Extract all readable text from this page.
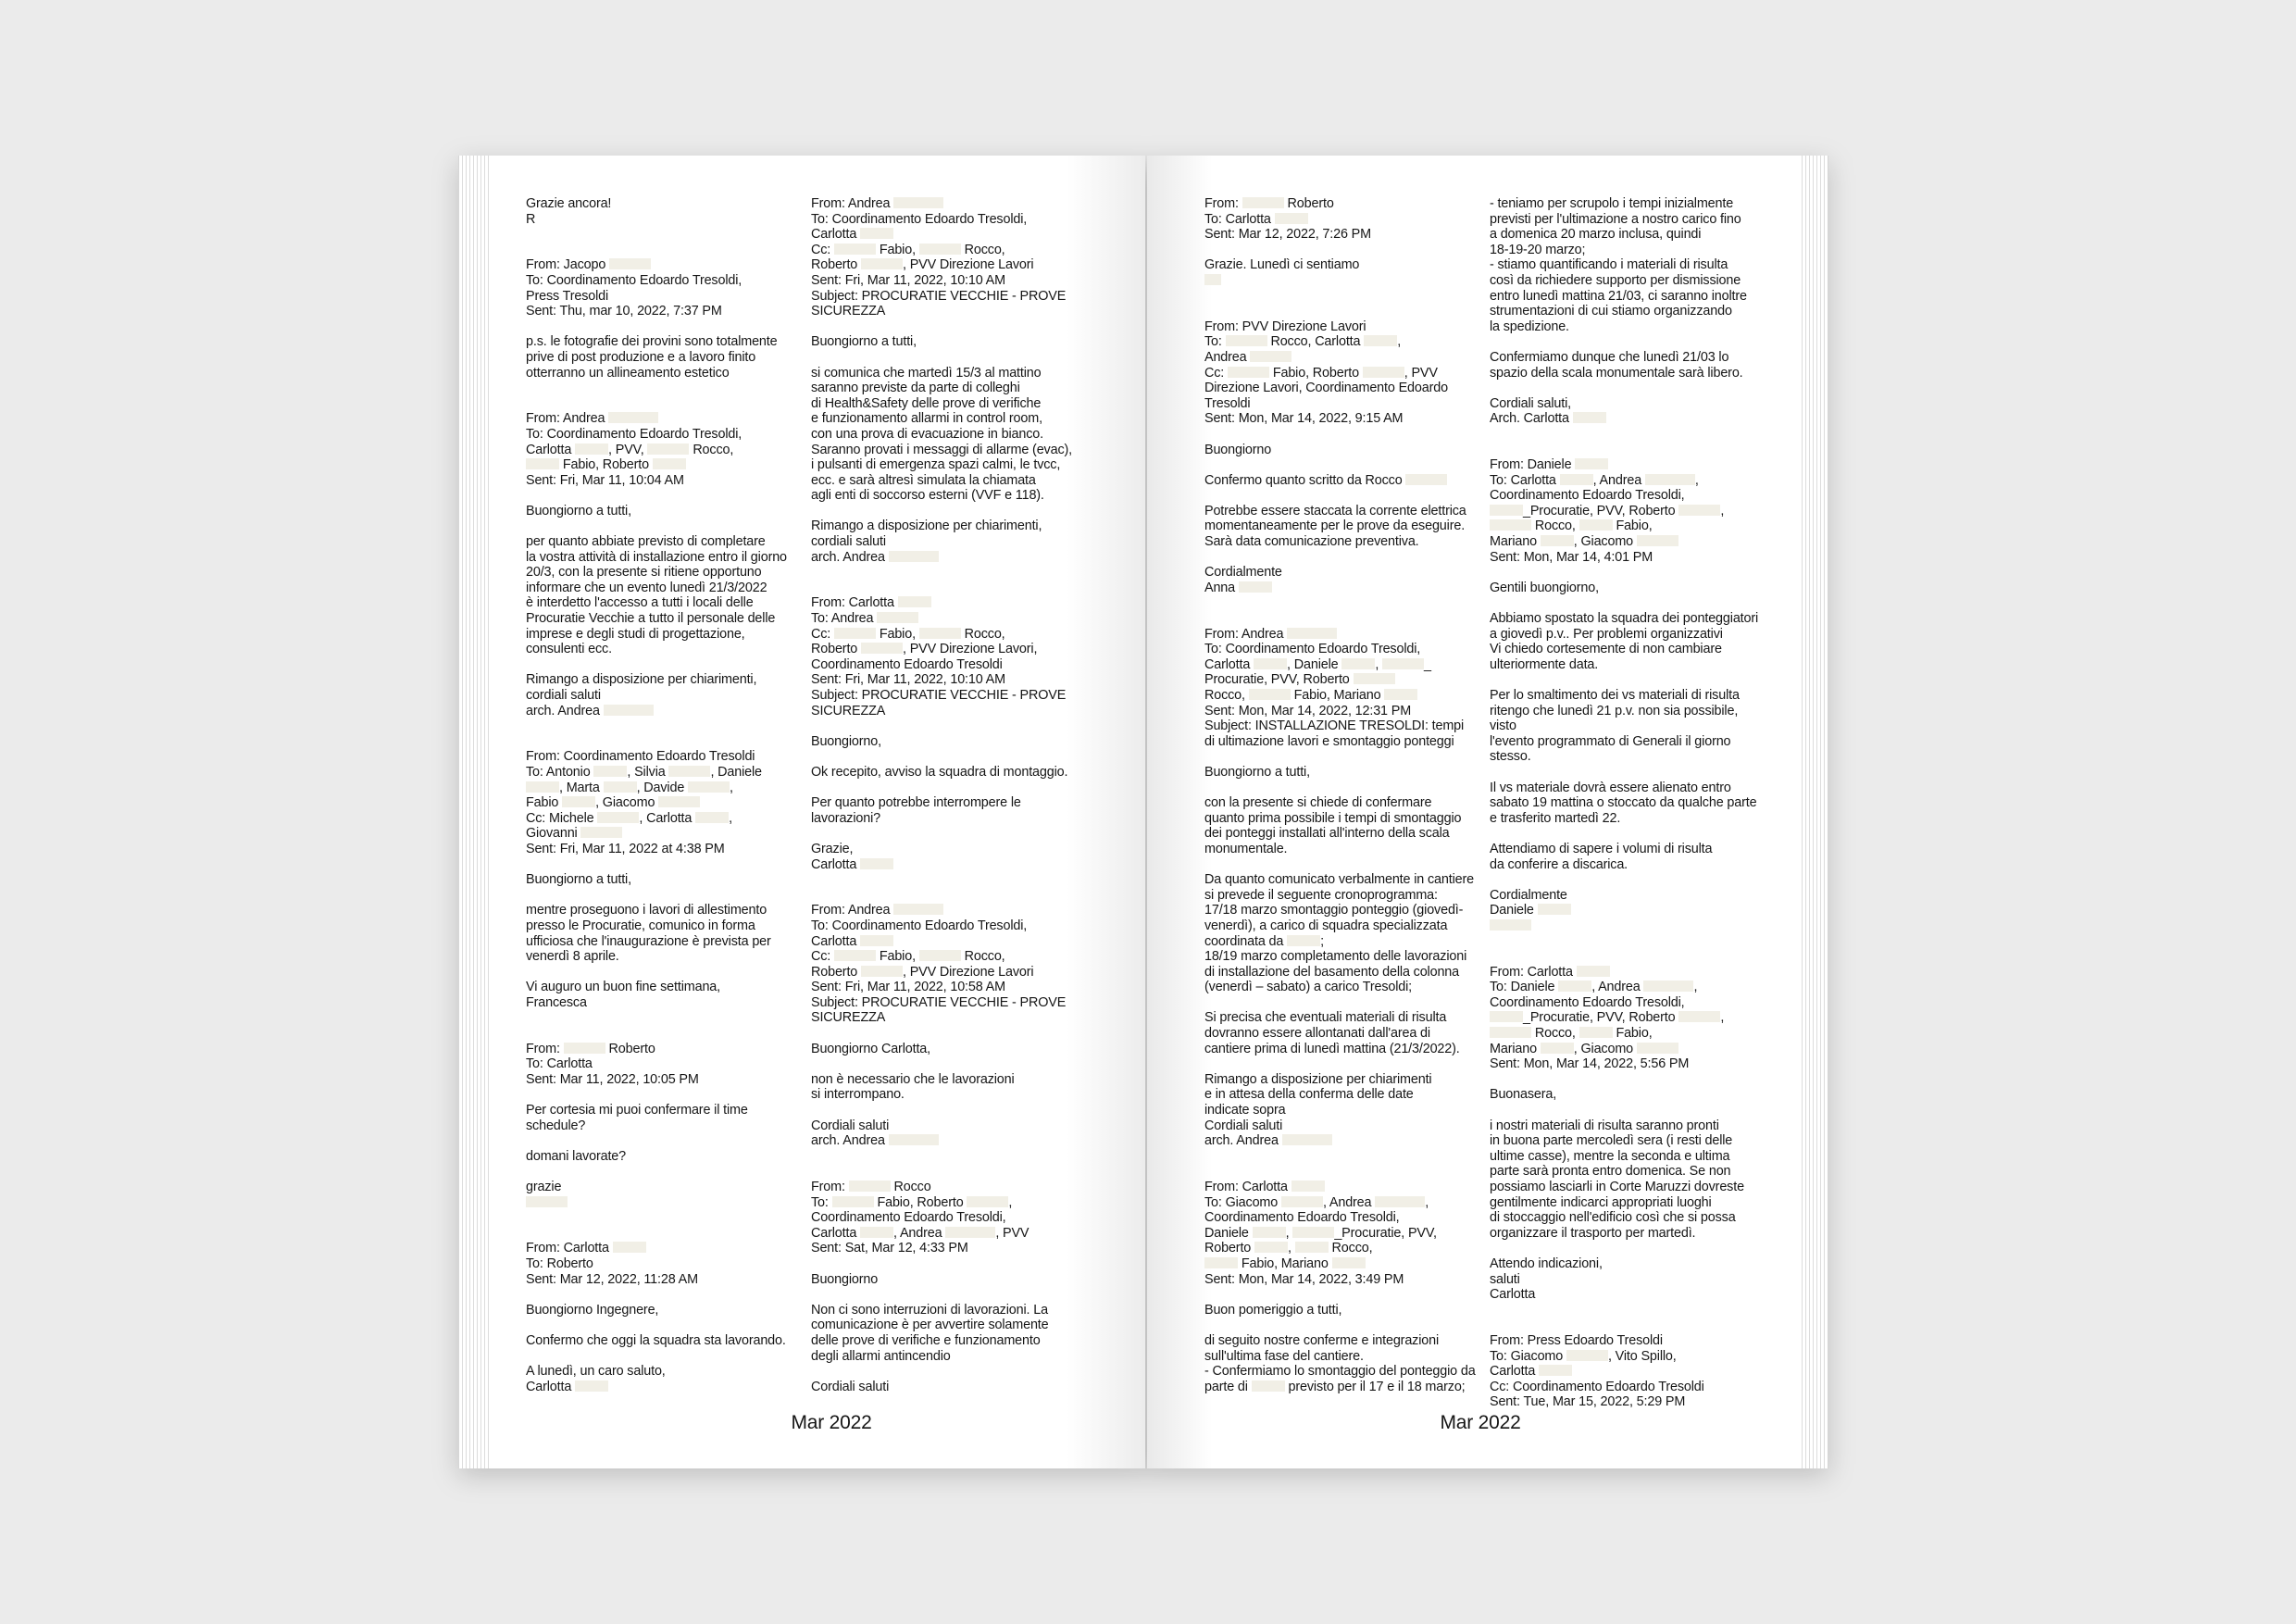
Grazie ancora!
R

From: Jacopo
To: Coordinamento Edoardo Tresoldi,
Press Tresoldi
Sent: Thu, mar 10, 2022, 7:37 PM

p.s. le fotografie dei provini sono totalmente
prive di post produzione e a lavoro finito
otterranno un allineamento estetico

From: Andrea
To: Coordinamento Edoardo Tresoldi,
Carlotta	, PVV,	Rocco,
Fabio, Roberto
Sent: Fri, Mar 11, 10:04 AM

Buongiorno a tutti,

per quanto abbiate previsto di completare
la vostra attività di installazione entro il giorno
20/3, con la presente si ritiene opportuno
informare che un evento lunedì 21/3/2022
è interdetto l'accesso a tutti i locali delle
Procuratie Vecchie a tutto il personale delle
imprese e degli studi di progettazione,
consulenti ecc.

Rimango a disposizione per chiarimenti,
cordiali saluti
arch. Andrea

From: Coordinamento Edoardo Tresoldi
To: Antonio	, Silvia	, Daniele
, Marta	, Davide	,
Fabio	, Giacomo
Cc: Michele	, Carlotta	,
Giovanni
Sent: Fri, Mar 11, 2022 at 4:38 PM

Buongiorno a tutti,

mentre proseguono i lavori di allestimento
presso le Procuratie, comunico in forma
ufficiosa che l'inaugurazione è prevista per
venerdì 8 aprile.

Vi auguro un buon fine settimana,
Francesca

From:	Roberto
To: Carlotta
Sent: Mar 11, 2022, 10:05 PM

Per cortesia mi puoi confermare il time
schedule?

domani lavorate?

grazie

From: Carlotta
To: Roberto
Sent: Mar 12, 2022, 11:28 AM

Buongiorno Ingegnere,

Confermo che oggi la squadra sta lavorando.

A lunedì, un caro saluto,
Carlotta
From: Andrea
To: Coordinamento Edoardo Tresoldi,
Carlotta
Cc:	Fabio,	Rocco,
Roberto	, PVV Direzione Lavori
Sent: Fri, Mar 11, 2022, 10:10 AM
Subject: PROCURATIE VECCHIE - PROVE
SICUREZZA

Buongiorno a tutti,

si comunica che martedì 15/3 al mattino
saranno previste da parte di colleghi
di Health&Safety delle prove di verifiche
e funzionamento allarmi in control room,
con una prova di evacuazione in bianco.
Saranno provati i messaggi di allarme (evac),
i pulsanti di emergenza spazi calmi, le tvcc,
ecc. e sarà altresì simulata la chiamata
agli enti di soccorso esterni (VVF e 118).

Rimango a disposizione per chiarimenti,
cordiali saluti
arch. Andrea

From: Carlotta
To: Andrea
Cc:	Fabio,	Rocco,
Roberto	, PVV Direzione Lavori,
Coordinamento Edoardo Tresoldi
Sent: Fri, Mar 11, 2022, 10:10 AM
Subject: PROCURATIE VECCHIE - PROVE
SICUREZZA

Buongiorno,

Ok recepito, avviso la squadra di montaggio.

Per quanto potrebbe interrompere le
lavorazioni?

Grazie,
Carlotta

From: Andrea
To: Coordinamento Edoardo Tresoldi,
Carlotta
Cc:	Fabio,	Rocco,
Roberto	, PVV Direzione Lavori
Sent: Fri, Mar 11, 2022, 10:58 AM
Subject: PROCURATIE VECCHIE - PROVE
SICUREZZA

Buongiorno Carlotta,

non è necessario che le lavorazioni
si interrompano.

Cordiali saluti
arch. Andrea

From:	Rocco
To:	Fabio, Roberto	,
Coordinamento Edoardo Tresoldi,
Carlotta	, Andrea	, PVV
Sent: Sat, Mar 12, 4:33 PM

Buongiorno

Non ci sono interruzioni di lavorazioni. La
comunicazione è per avvertire solamente
delle prove di verifiche e funzionamento
degli allarmi antincendio

Cordiali saluti
Mar 2022
From:	Roberto
To: Carlotta
Sent: Mar 12, 2022, 7:26 PM

Grazie. Lunedì ci sentiamo

From: PVV Direzione Lavori
To:	Rocco, Carlotta	,
Andrea
Cc:	Fabio, Roberto	, PVV
Direzione Lavori, Coordinamento Edoardo
Tresoldi
Sent: Mon, Mar 14, 2022, 9:15 AM

Buongiorno

Confermo quanto scritto da Rocco

Potrebbe essere staccata la corrente elettrica
momentaneamente per le prove da eseguire.
Sarà data comunicazione preventiva.

Cordialmente
Anna

From: Andrea
To: Coordinamento Edoardo Tresoldi,
Carlotta	, Daniele	,	_
Procuratie, PVV, Roberto
Rocco,	Fabio, Mariano
Sent: Mon, Mar 14, 2022, 12:31 PM
Subject: INSTALLAZIONE TRESOLDI: tempi
di ultimazione lavori e smontaggio ponteggi

Buongiorno a tutti,

con la presente si chiede di confermare
quanto prima possibile i tempi di smontaggio
dei ponteggi installati all'interno della scala
monumentale.

Da quanto comunicato verbalmente in cantiere
si prevede il seguente cronoprogramma:
17/18 marzo smontaggio ponteggio (giovedì-
venerdì), a carico di squadra specializzata
coordinata da	;
18/19 marzo completamento delle lavorazioni
di installazione del basamento della colonna
(venerdì – sabato) a carico Tresoldi;

Si precisa che eventuali materiali di risulta
dovranno essere allontanati dall'area di
cantiere prima di lunedì mattina (21/3/2022).

Rimango a disposizione per chiarimenti
e in attesa della conferma delle date
indicate sopra
Cordiali saluti
arch. Andrea

From: Carlotta
To: Giacomo	, Andrea	,
Coordinamento Edoardo Tresoldi,
Daniele	,	_Procuratie, PVV,
Roberto	,	Rocco,
Fabio, Mariano
Sent: Mon, Mar 14, 2022, 3:49 PM

Buon pomeriggio a tutti,

di seguito nostre conferme e integrazioni
sull'ultima fase del cantiere.
- Confermiamo lo smontaggio del ponteggio da
parte di	previsto per il 17 e il 18 marzo;
- teniamo per scrupolo i tempi inizialmente
previsti per l'ultimazione a nostro carico fino
a domenica 20 marzo inclusa, quindi
18-19-20 marzo;
- stiamo quantificando i materiali di risulta
così da richiedere supporto per dismissione
entro lunedì mattina 21/03, ci saranno inoltre
strumentazioni di cui stiamo organizzando
la spedizione.

Confermiamo dunque che lunedì 21/03 lo
spazio della scala monumentale sarà libero.

Cordiali saluti,
Arch. Carlotta

From: Daniele
To: Carlotta	, Andrea	,
Coordinamento Edoardo Tresoldi,
_Procuratie, PVV, Roberto	,
Rocco,	Fabio,
Mariano	, Giacomo
Sent: Mon, Mar 14, 4:01 PM

Gentili buongiorno,

Abbiamo spostato la squadra dei ponteggiatori
a giovedì p.v.. Per problemi organizzativi
Vi chiedo cortesemente di non cambiare
ulteriormente data.

Per lo smaltimento dei vs materiali di risulta
ritengo che lunedì 21 p.v. non sia possibile, visto
l'evento programmato di Generali il giorno
stesso.

Il vs materiale dovrà essere alienato entro
sabato 19 mattina o stoccato da qualche parte
e trasferito martedì 22.

Attendiamo di sapere i volumi di risulta
da conferire a discarica.

Cordialmente
Daniele

From: Carlotta
To: Daniele	, Andrea	,
Coordinamento Edoardo Tresoldi,
_Procuratie, PVV, Roberto	,
Rocco,	Fabio,
Mariano	, Giacomo
Sent: Mon, Mar 14, 2022, 5:56 PM

Buonasera,

i nostri materiali di risulta saranno pronti
in buona parte mercoledì sera (i resti delle
ultime casse), mentre la seconda e ultima
parte sarà pronta entro domenica. Se non
possiamo lasciarli in Corte Maruzzi dovreste
gentilmente indicarci appropriati luoghi
di stoccaggio nell'edificio così che si possa
organizzare il trasporto per martedì.

Attendo indicazioni,
saluti
Carlotta

From: Press Edoardo Tresoldi
To: Giacomo	, Vito Spillo,
Carlotta
Cc: Coordinamento Edoardo Tresoldi
Sent: Tue, Mar 15, 2022, 5:29 PM
Mar 2022
